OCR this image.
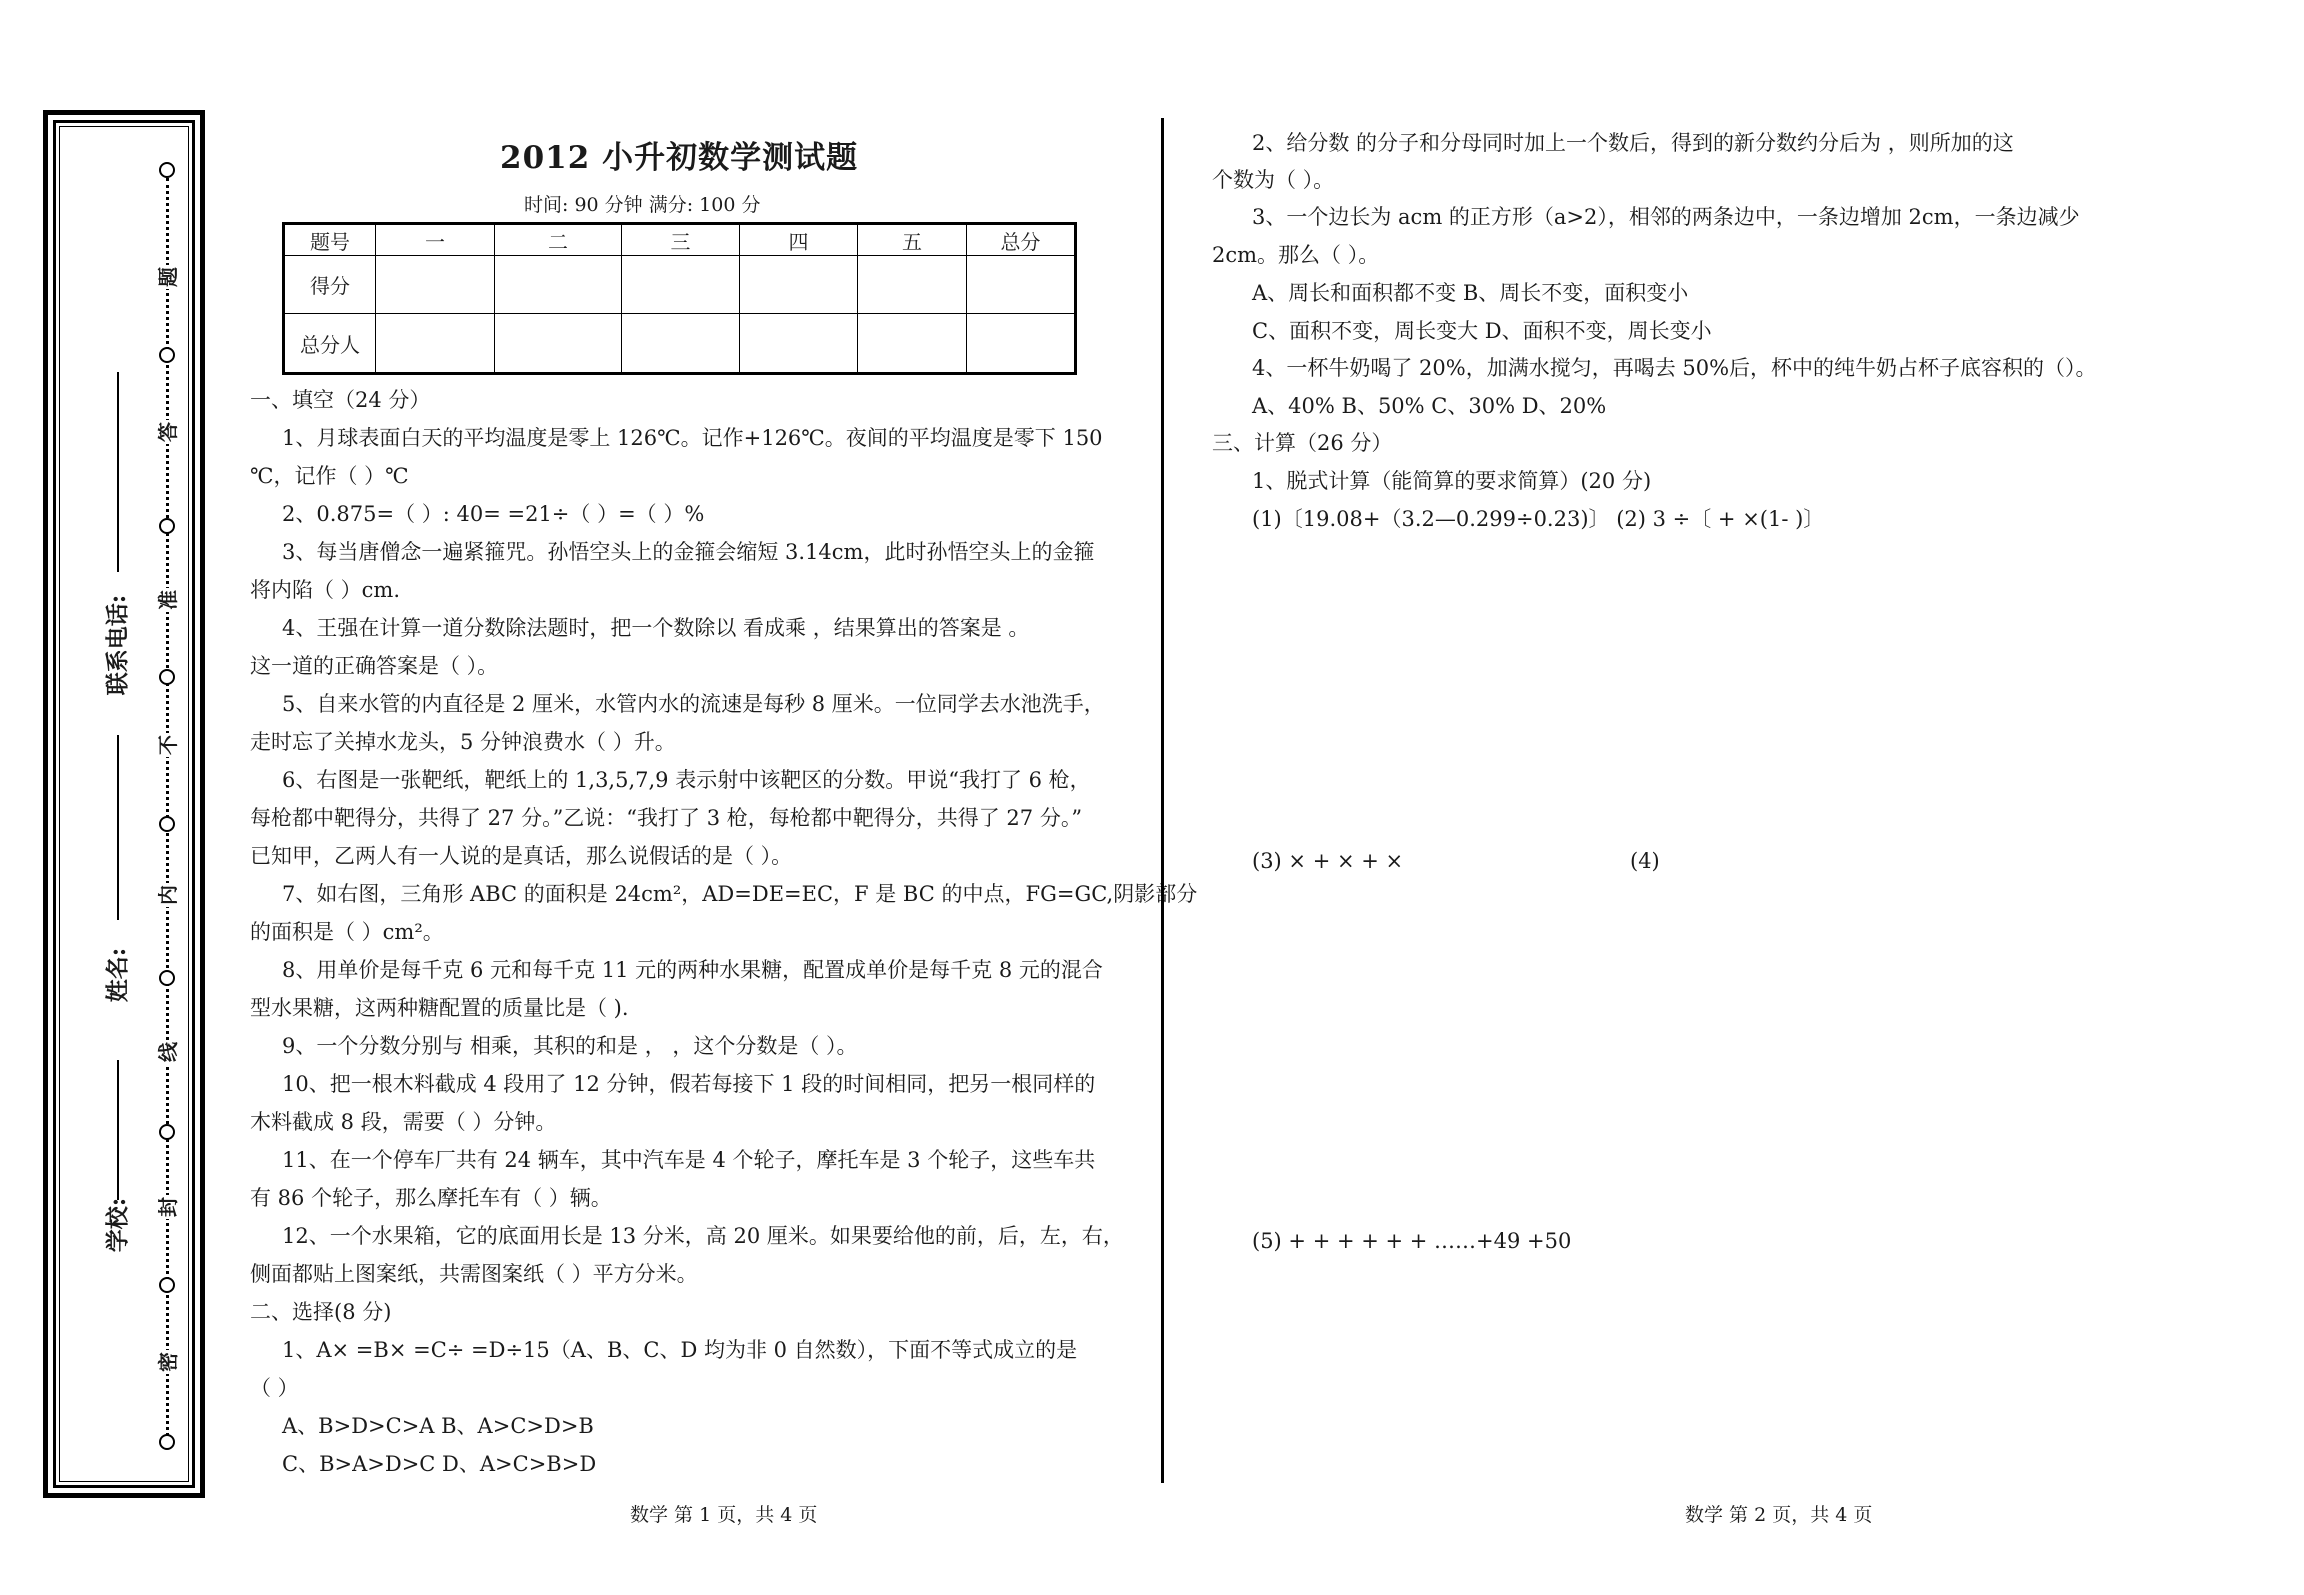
联系电话:
姓名:
学校:
题
答
准
不
内
线
封
密
2012 小升初数学测试题
时间: 90 分钟 满分: 100 分
题号	一	二	三	四	五	总分
得分						
总分人						
一、填空（24 分）
1、月球表面白天的平均温度是零上 126℃。记作+126℃。夜间的平均温度是零下 150
℃，记作（ ）℃
2、0.875=（ ）: 40= =21÷（ ）=（ ）%
3、每当唐僧念一遍紧箍咒。孙悟空头上的金箍会缩短 3.14cm，此时孙悟空头上的金箍
将内陷（ ）cm.
4、王强在计算一道分数除法题时，把一个数除以 看成乘 ，结果算出的答案是 。
这一道的正确答案是（ ）。
5、自来水管的内直径是 2 厘米，水管内水的流速是每秒 8 厘米。一位同学去水池洗手，
走时忘了关掉水龙头，5 分钟浪费水（ ）升。
6、右图是一张靶纸，靶纸上的 1,3,5,7,9 表示射中该靶区的分数。甲说“我打了 6 枪，
每枪都中靶得分，共得了 27 分。”乙说：“我打了 3 枪，每枪都中靶得分，共得了 27 分。”
已知甲，乙两人有一人说的是真话，那么说假话的是（ ）。
7、如右图，三角形 ABC 的面积是 24cm²，AD=DE=EC，F 是 BC 的中点，FG=GC,阴影部分
的面积是（ ）cm²。
8、用单价是每千克 6 元和每千克 11 元的两种水果糖，配置成单价是每千克 8 元的混合
型水果糖，这两种糖配置的质量比是（ ).
9、一个分数分别与 相乘，其积的和是 ， ，这个分数是（ ）。
10、把一根木料截成 4 段用了 12 分钟，假若每接下 1 段的时间相同，把另一根同样的
木料截成 8 段，需要（ ）分钟。
11、在一个停车厂共有 24 辆车，其中汽车是 4 个轮子，摩托车是 3 个轮子，这些车共
有 86 个轮子，那么摩托车有（ ）辆。
12、一个水果箱，它的底面用长是 13 分米，高 20 厘米。如果要给他的前，后，左，右，
侧面都贴上图案纸，共需图案纸（ ）平方分米。
二、选择(8 分)
1、A× =B× =C÷ =D÷15（A、B、C、D 均为非 0 自然数），下面不等式成立的是
（ ）
A、B>D>C>A B、A>C>D>B
C、B>A>D>C D、A>C>B>D
2、给分数 的分子和分母同时加上一个数后，得到的新分数约分后为 ，则所加的这
个数为（ ）。
3、一个边长为 acm 的正方形（a>2），相邻的两条边中，一条边增加 2cm，一条边减少
2cm。那么（ ）。
A、周长和面积都不变 B、周长不变，面积变小
C、面积不变，周长变大 D、面积不变，周长变小
4、一杯牛奶喝了 20%，加满水搅匀，再喝去 50%后，杯中的纯牛奶占杯子底容积的（）。
A、40% B、50% C、30% D、20%
三、计算（26 分）
1、脱式计算（能简算的要求简算）(20 分)
(1)〔19.08+（3.2—0.299÷0.23)〕 (2) 3 ÷〔 + ×(1- )〕
(3) × + × + ×	(4)
(5) + + + + + + ……+49 +50
数学 第 1 页，共 4 页	数学 第 2 页，共 4 页
